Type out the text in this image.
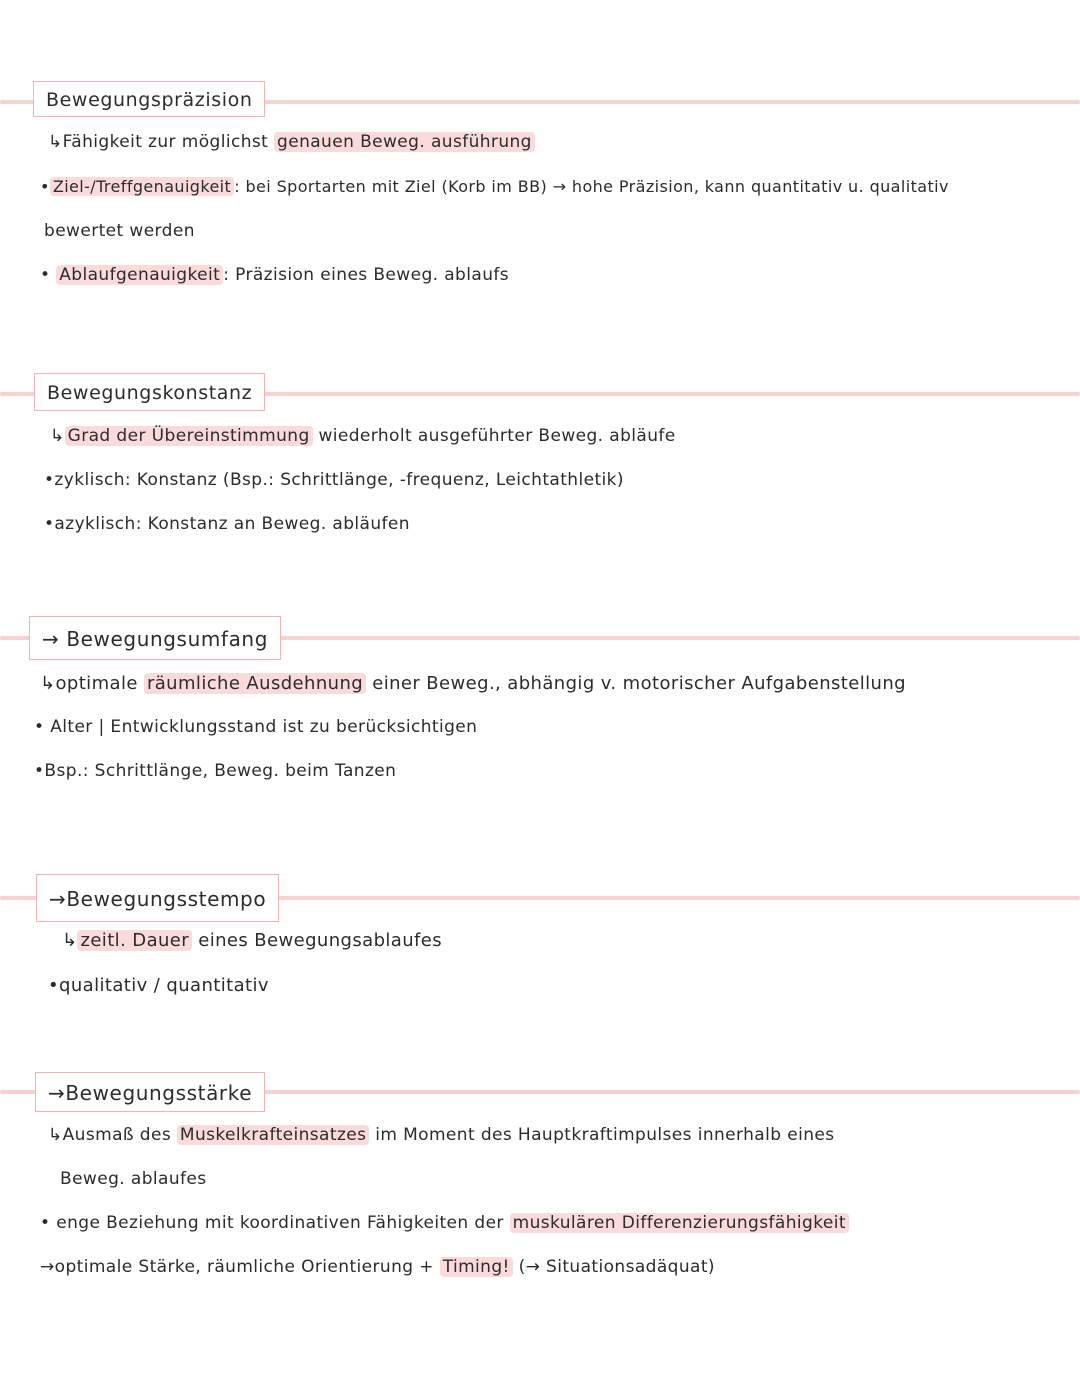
Bewegungspräzision
↳Fähigkeit zur möglichst genauen Beweg. ausführung
• Ziel-/Treffgenauigkeit : bei Sportarten mit Ziel (Korb im BB) → hohe Präzision, kann quantitativ u. qualitativ
bewertet werden
• Ablaufgenauigkeit : Präzision eines Beweg. ablaufs
Bewegungskonstanz
↳ Grad der Übereinstimmung wiederholt ausgeführter Beweg. abläufe
•zyklisch: Konstanz (Bsp.: Schrittlänge, -frequenz, Leichtathletik)
•azyklisch: Konstanz an Beweg. abläufen
→ Bewegungsumfang
↳optimale räumliche Ausdehnung einer Beweg., abhängig v. motorischer Aufgabenstellung
• Alter | Entwicklungsstand ist zu berücksichtigen
•Bsp.: Schrittlänge, Beweg. beim Tanzen
→Bewegungsstempo
↳ zeitl. Dauer eines Bewegungsablaufes
•qualitativ / quantitativ
→Bewegungsstärke
↳Ausmaß des Muskelkrafteinsatzes im Moment des Hauptkraftimpulses innerhalb eines
Beweg. ablaufes
• enge Beziehung mit koordinativen Fähigkeiten der muskulären Differenzierungsfähigkeit
→optimale Stärke, räumliche Orientierung + Timing! (→ Situationsadäquat)
